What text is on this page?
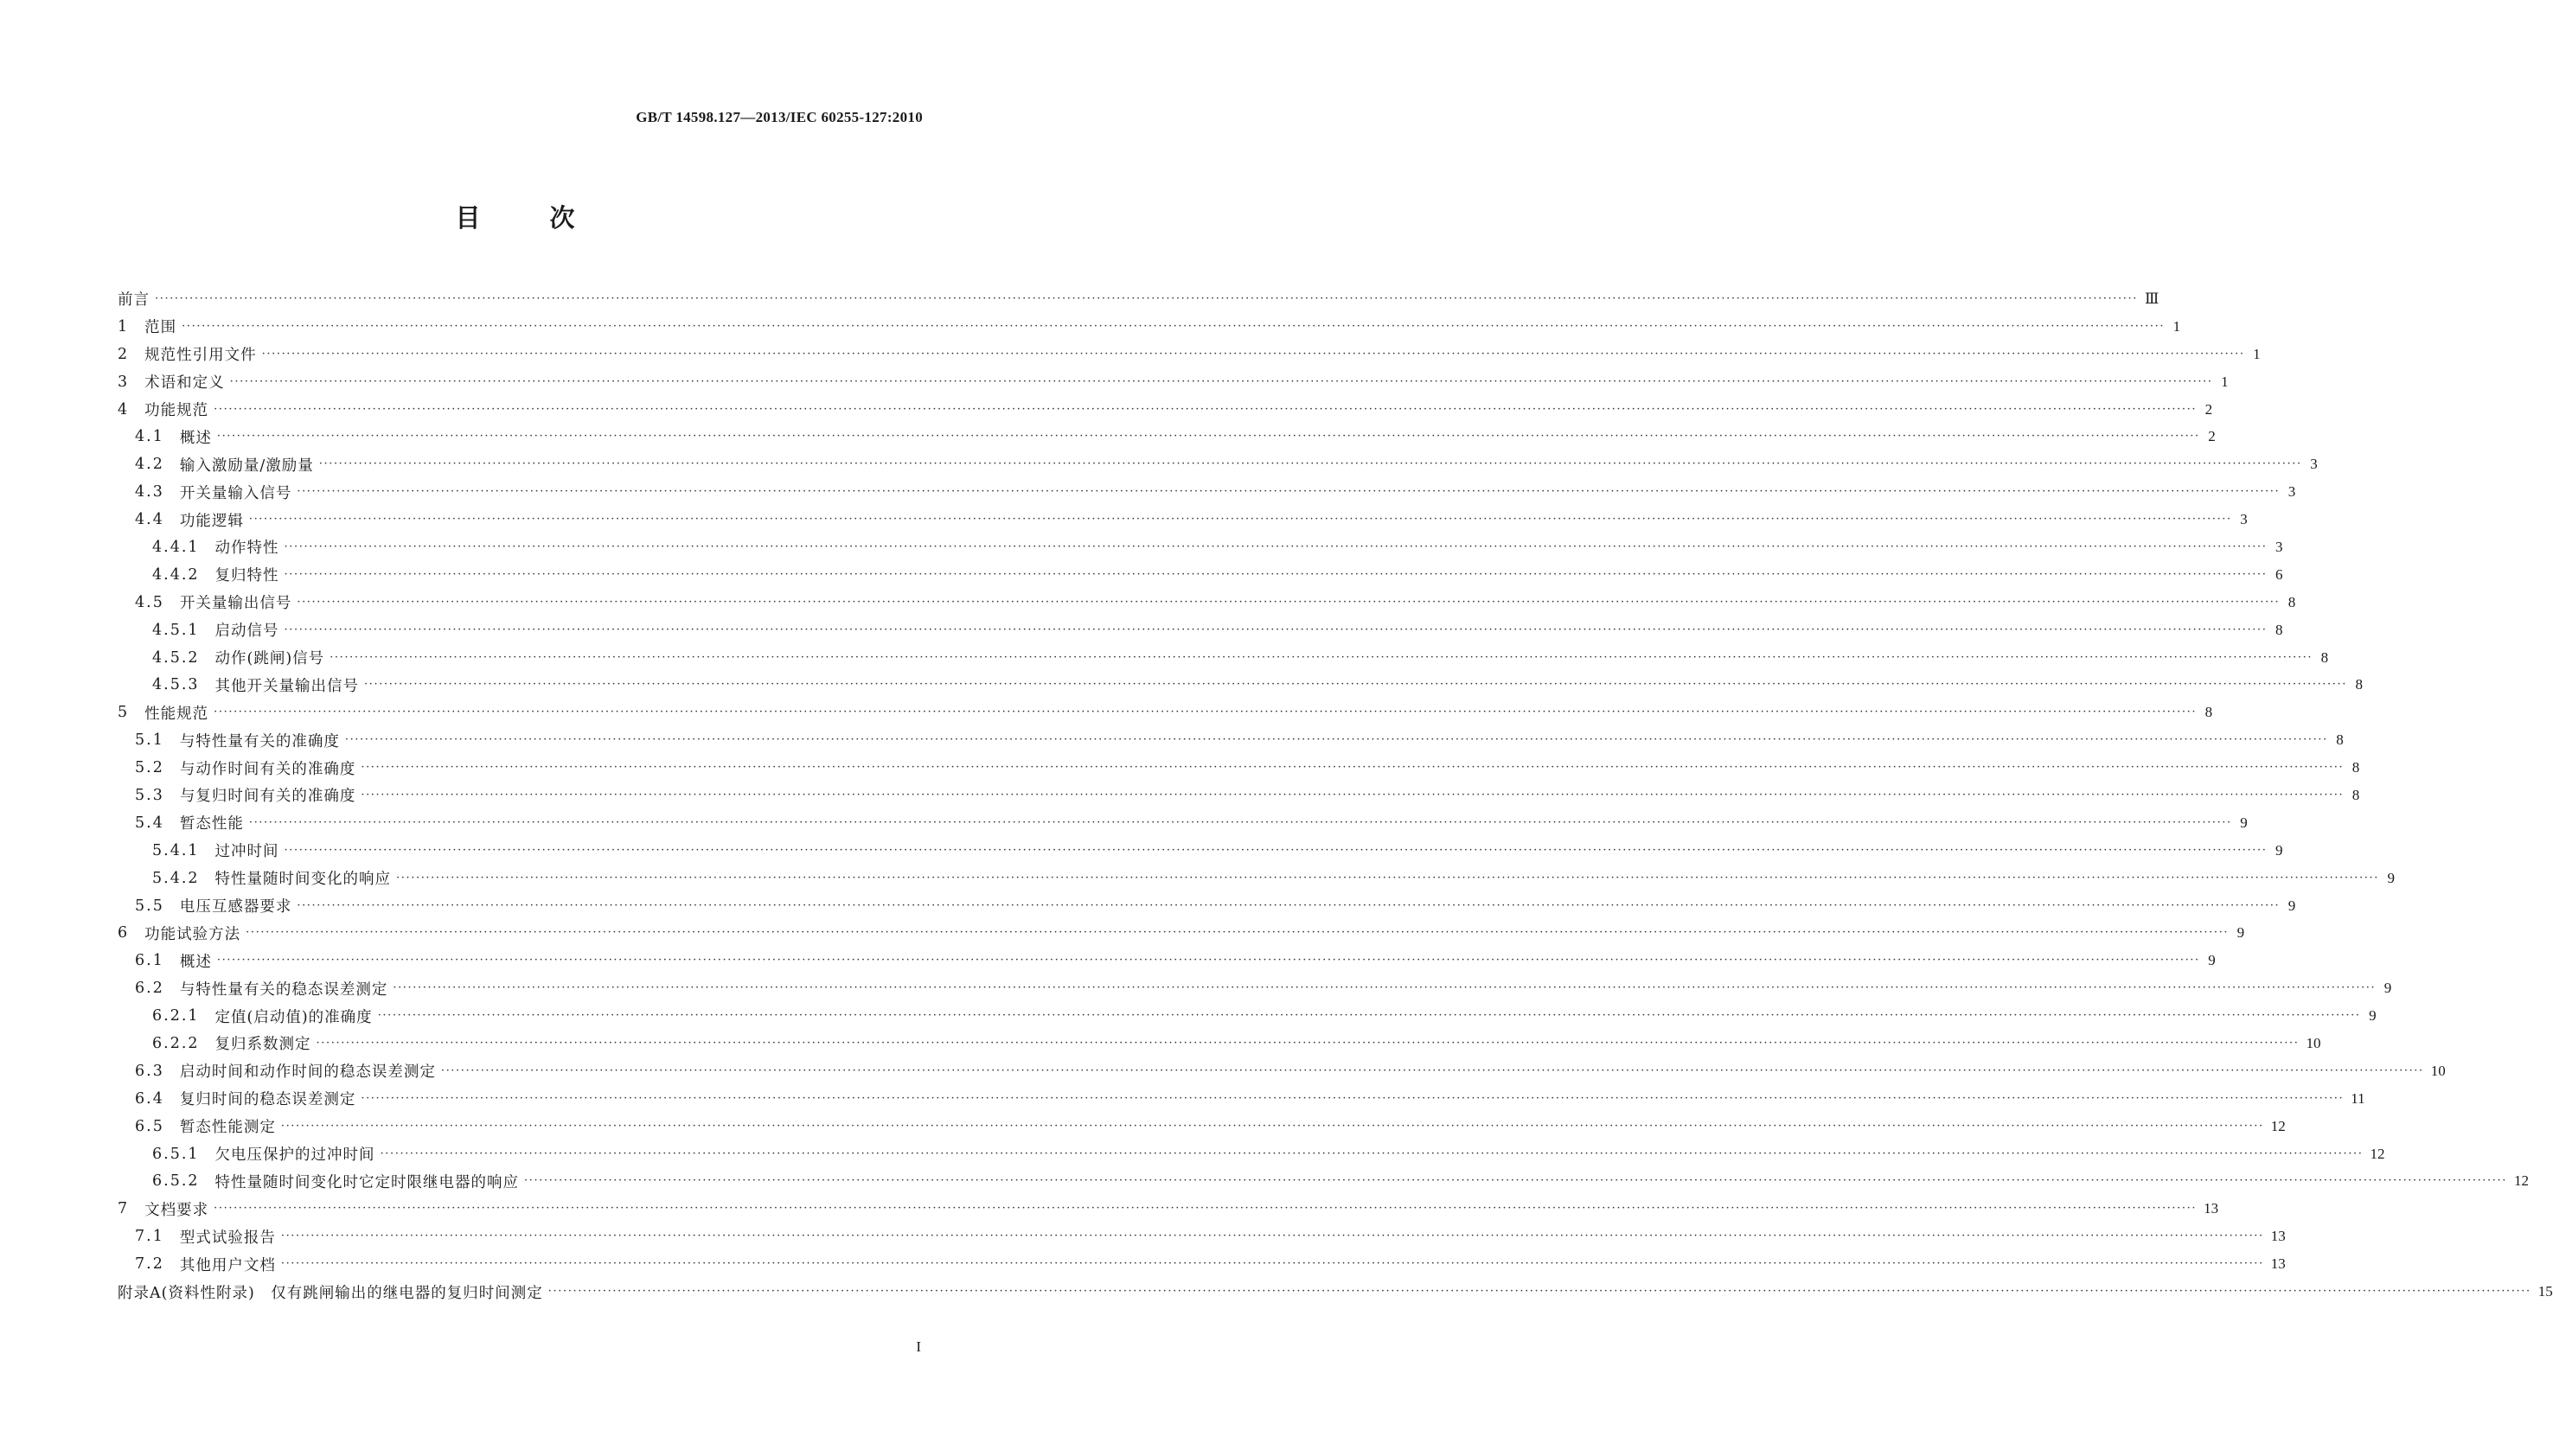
GB/T 14598.127—2013/IEC 60255-127:2010
目	次
前言 ················································································································································································································································································································································································································ Ⅲ
1 范围 ················································································································································································································································································································································································································ 1
2 规范性引用文件 ················································································································································································································································································································································································································ 1
3 术语和定义 ················································································································································································································································································································································································································ 1
4 功能规范 ················································································································································································································································································································································································································ 2
4.1 概述 ················································································································································································································································································································································································································ 2
4.2 输入激励量/激励量 ················································································································································································································································································································································································································ 3
4.3 开关量输入信号 ················································································································································································································································································································································································································ 3
4.4 功能逻辑 ················································································································································································································································································································································································································ 3
4.4.1 动作特性 ················································································································································································································································································································································································································ 3
4.4.2 复归特性 ················································································································································································································································································································································································································ 6
4.5 开关量输出信号 ················································································································································································································································································································································································································ 8
4.5.1 启动信号 ················································································································································································································································································································································································································ 8
4.5.2 动作(跳闸)信号 ················································································································································································································································································································································································································ 8
4.5.3 其他开关量输出信号 ················································································································································································································································································································································································································ 8
5 性能规范 ················································································································································································································································································································································································································ 8
5.1 与特性量有关的准确度 ················································································································································································································································································································································································································ 8
5.2 与动作时间有关的准确度 ················································································································································································································································································································································································································ 8
5.3 与复归时间有关的准确度 ················································································································································································································································································································································································································ 8
5.4 暂态性能 ················································································································································································································································································································································································································ 9
5.4.1 过冲时间 ················································································································································································································································································································································································································ 9
5.4.2 特性量随时间变化的响应 ················································································································································································································································································································································································································ 9
5.5 电压互感器要求 ················································································································································································································································································································································································································ 9
6 功能试验方法 ················································································································································································································································································································································································································ 9
6.1 概述 ················································································································································································································································································································································································································ 9
6.2 与特性量有关的稳态误差测定 ················································································································································································································································································································································································································ 9
6.2.1 定值(启动值)的准确度 ················································································································································································································································································································································································································ 9
6.2.2 复归系数测定 ················································································································································································································································································································································································································ 10
6.3 启动时间和动作时间的稳态误差测定 ················································································································································································································································································································································································································ 10
6.4 复归时间的稳态误差测定 ················································································································································································································································································································································································································ 11
6.5 暂态性能测定 ················································································································································································································································································································································································································ 12
6.5.1 欠电压保护的过冲时间 ················································································································································································································································································································································································································ 12
6.5.2 特性量随时间变化时它定时限继电器的响应 ················································································································································································································································································································································································································ 12
7 文档要求 ················································································································································································································································································································································································································ 13
7.1 型式试验报告 ················································································································································································································································································································································································································ 13
7.2 其他用户文档 ················································································································································································································································································································································································································ 13
附录A(资料性附录)　仅有跳闸输出的继电器的复归时间测定 ················································································································································································································································································································································································································ 15
I
